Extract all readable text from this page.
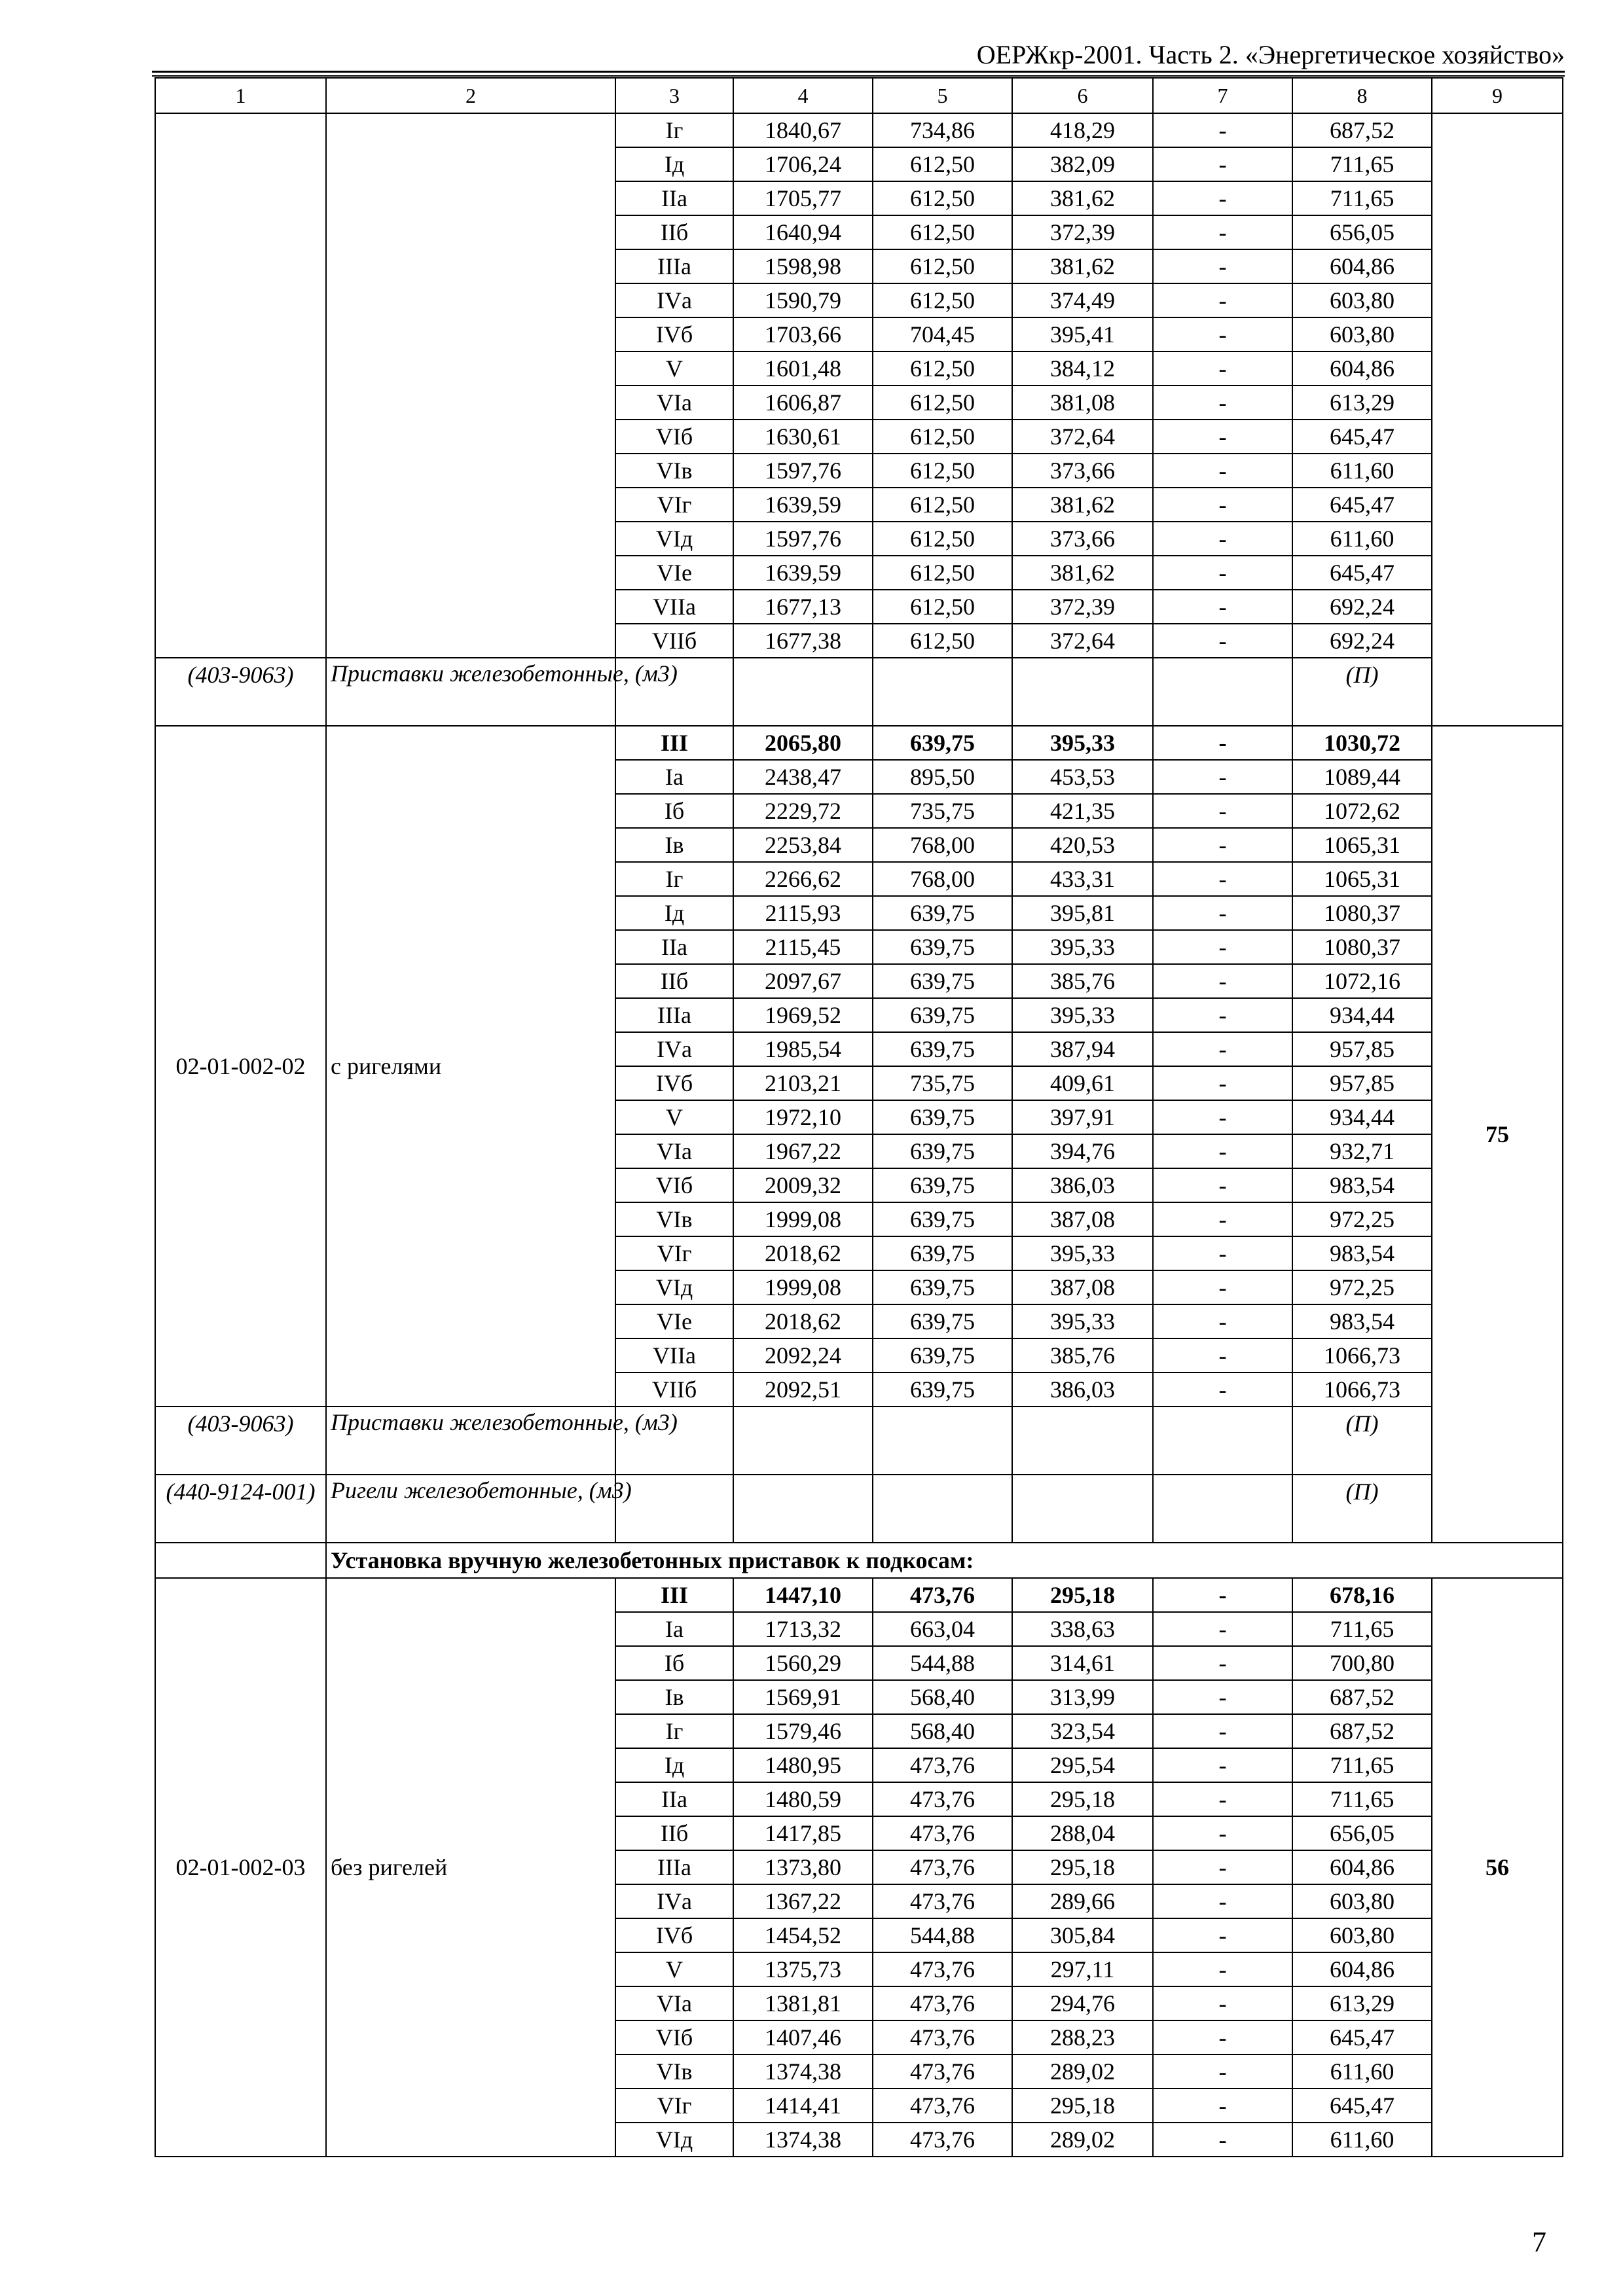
ОЕРЖкр-2001. Часть 2. «Энергетическое хозяйство»
1	2	3	4	5	6	7	8	9
		Iг	1840,67	734,86	418,29	-	687,52	
		Iд	1706,24	612,50	382,09	-	711,65	
		IIа	1705,77	612,50	381,62	-	711,65	
		IIб	1640,94	612,50	372,39	-	656,05	
		IIIа	1598,98	612,50	381,62	-	604,86	
		IVа	1590,79	612,50	374,49	-	603,80	
		IVб	1703,66	704,45	395,41	-	603,80	
		V	1601,48	612,50	384,12	-	604,86	
		VIа	1606,87	612,50	381,08	-	613,29	
		VIб	1630,61	612,50	372,64	-	645,47	
		VIв	1597,76	612,50	373,66	-	611,60	
		VIг	1639,59	612,50	381,62	-	645,47	
		VIд	1597,76	612,50	373,66	-	611,60	
		VIе	1639,59	612,50	381,62	-	645,47	
		VIIа	1677,13	612,50	372,39	-	692,24	
		VIIб	1677,38	612,50	372,64	-	692,24	
(403-9063)	Приставки железобетонные, (м3)						(П)	
02-01-002-02	с ригелями	III	2065,80	639,75	395,33	-	1030,72	75
		Iа	2438,47	895,50	453,53	-	1089,44	
		Iб	2229,72	735,75	421,35	-	1072,62	
		Iв	2253,84	768,00	420,53	-	1065,31	
		Iг	2266,62	768,00	433,31	-	1065,31	
		Iд	2115,93	639,75	395,81	-	1080,37	
		IIа	2115,45	639,75	395,33	-	1080,37	
		IIб	2097,67	639,75	385,76	-	1072,16	
		IIIа	1969,52	639,75	395,33	-	934,44	
		IVа	1985,54	639,75	387,94	-	957,85	
		IVб	2103,21	735,75	409,61	-	957,85	
		V	1972,10	639,75	397,91	-	934,44	
		VIа	1967,22	639,75	394,76	-	932,71	
		VIб	2009,32	639,75	386,03	-	983,54	
		VIв	1999,08	639,75	387,08	-	972,25	
		VIг	2018,62	639,75	395,33	-	983,54	
		VIд	1999,08	639,75	387,08	-	972,25	
		VIе	2018,62	639,75	395,33	-	983,54	
		VIIа	2092,24	639,75	385,76	-	1066,73	
		VIIб	2092,51	639,75	386,03	-	1066,73	
(403-9063)	Приставки железобетонные, (м3)						(П)	
(440-9124-001)	Ригели железобетонные, (м3)						(П)	
	Установка вручную железобетонных приставок к подкосам:							
02-01-002-03	без ригелей	III	1447,10	473,76	295,18	-	678,16	56
		Iа	1713,32	663,04	338,63	-	711,65	
		Iб	1560,29	544,88	314,61	-	700,80	
		Iв	1569,91	568,40	313,99	-	687,52	
		Iг	1579,46	568,40	323,54	-	687,52	
		Iд	1480,95	473,76	295,54	-	711,65	
		IIа	1480,59	473,76	295,18	-	711,65	
		IIб	1417,85	473,76	288,04	-	656,05	
		IIIа	1373,80	473,76	295,18	-	604,86	
		IVа	1367,22	473,76	289,66	-	603,80	
		IVб	1454,52	544,88	305,84	-	603,80	
		V	1375,73	473,76	297,11	-	604,86	
		VIа	1381,81	473,76	294,76	-	613,29	
		VIб	1407,46	473,76	288,23	-	645,47	
		VIв	1374,38	473,76	289,02	-	611,60	
		VIг	1414,41	473,76	295,18	-	645,47	
		VIд	1374,38	473,76	289,02	-	611,60	
7
